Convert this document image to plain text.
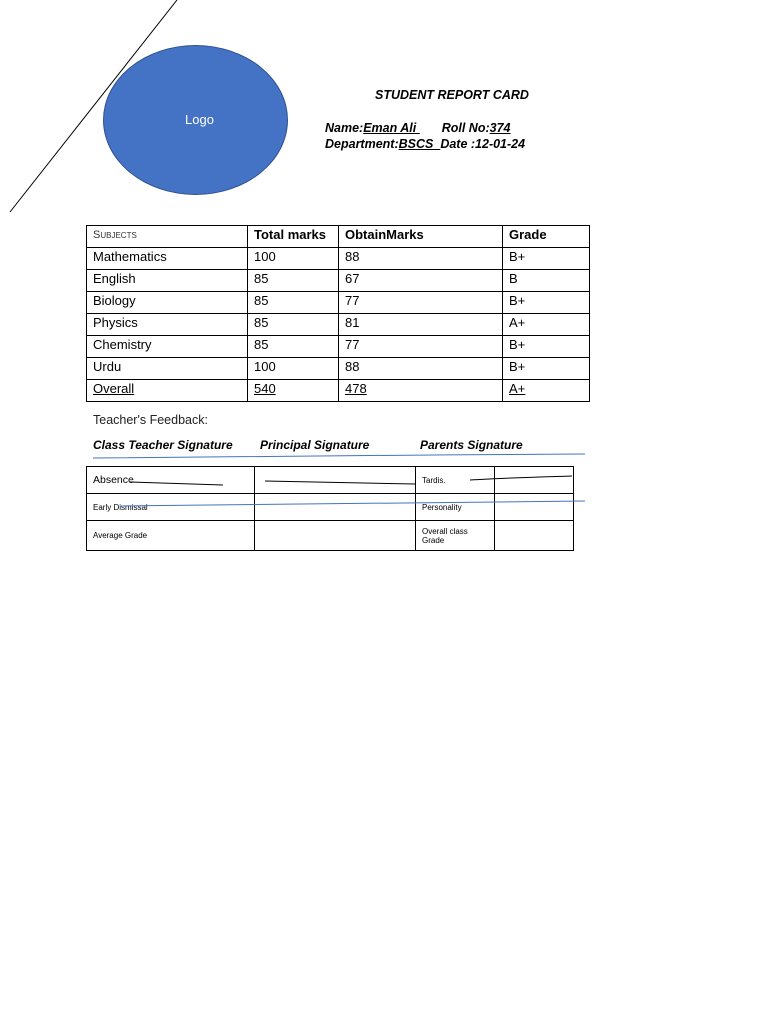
Logo
STUDENT REPORT CARD
Name:Eman Ali Roll No:374
Department:BSCS  Date :12-01-24
Subjects	Total marks	ObtainMarks	Grade
Mathematics	100	88	B+
English	85	67	B
Biology	85	77	B+
Physics	85	81	A+
Chemistry	85	77	B+
Urdu	100	88	B+
Overall	540	478	A+
Teacher's Feedback:
Class Teacher Signature Principal Signature	Parents Signature
Absence		Tardis.	
Early Dismissal		Personality	
Average Grade		Overall class Grade	
